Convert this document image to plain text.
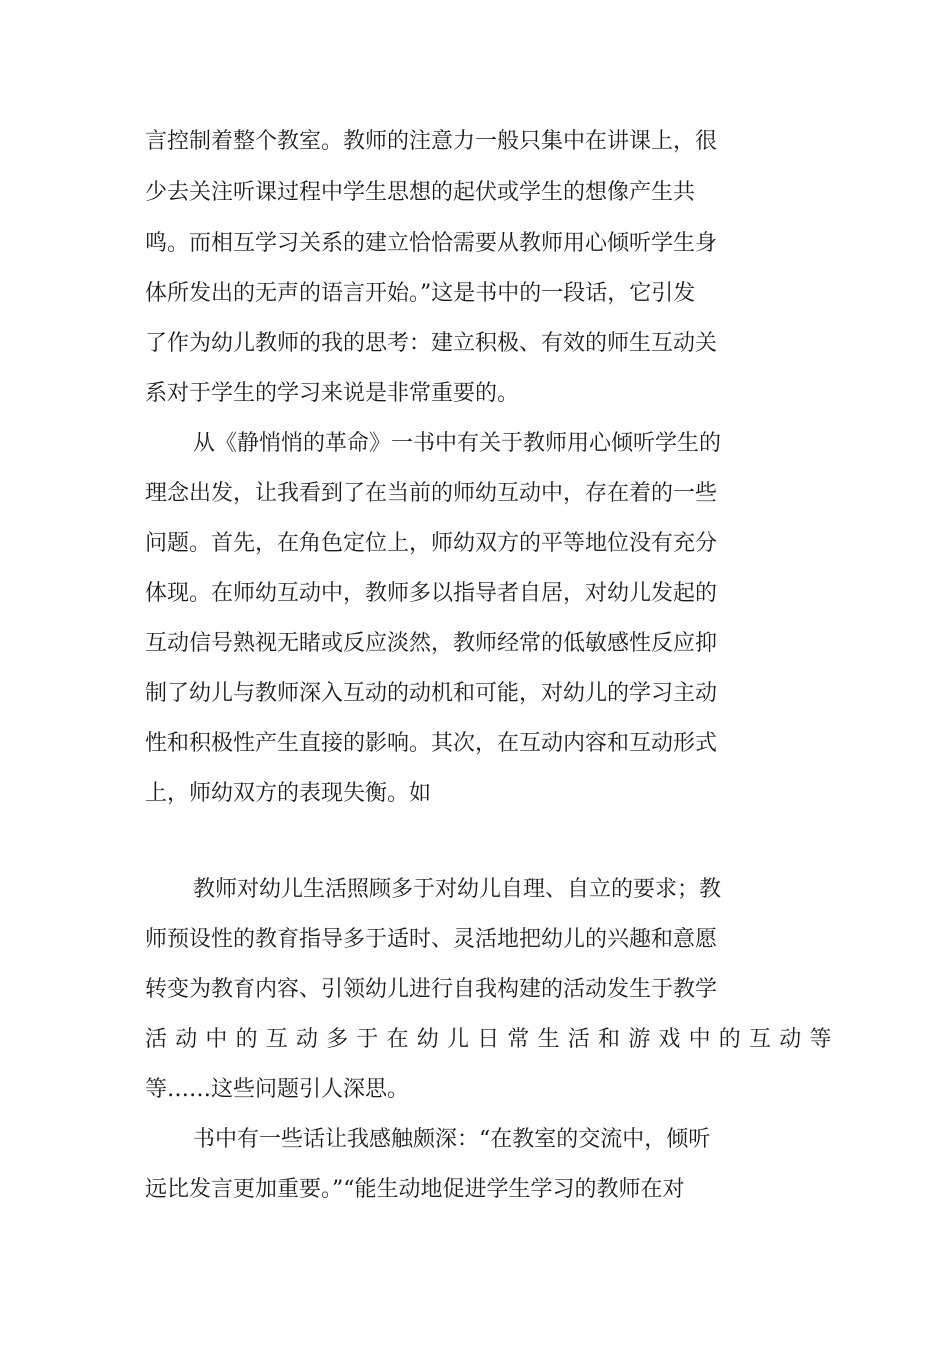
言控制着整个教室。教师的注意力一般只集中在讲课上，很
少去关注听课过程中学生思想的起伏或学生的想像产生共
鸣。而相互学习关系的建立恰恰需要从教师用心倾听学生身
体所发出的无声的语言开始。”这是书中的一段话，它引发
了作为幼儿教师的我的思考：建立积极、有效的师生互动关
系对于学生的学习来说是非常重要的。
从《静悄悄的革命》一书中有关于教师用心倾听学生的
理念出发，让我看到了在当前的师幼互动中，存在着的一些
问题。首先，在角色定位上，师幼双方的平等地位没有充分
体现。在师幼互动中，教师多以指导者自居，对幼儿发起的
互动信号熟视无睹或反应淡然，教师经常的低敏感性反应抑
制了幼儿与教师深入互动的动机和可能，对幼儿的学习主动
性和积极性产生直接的影响。其次，在互动内容和互动形式
上，师幼双方的表现失衡。如
教师对幼儿生活照顾多于对幼儿自理、自立的要求；教
师预设性的教育指导多于适时、灵活地把幼儿的兴趣和意愿
转变为教育内容、引领幼儿进行自我构建的活动发生于教学
活动中的互动多于在幼儿日常生活和游戏中的互动等
等……这些问题引人深思。
书中有一些话让我感触颇深：“在教室的交流中，倾听
远比发言更加重要。”“能生动地促进学生学习的教师在对
